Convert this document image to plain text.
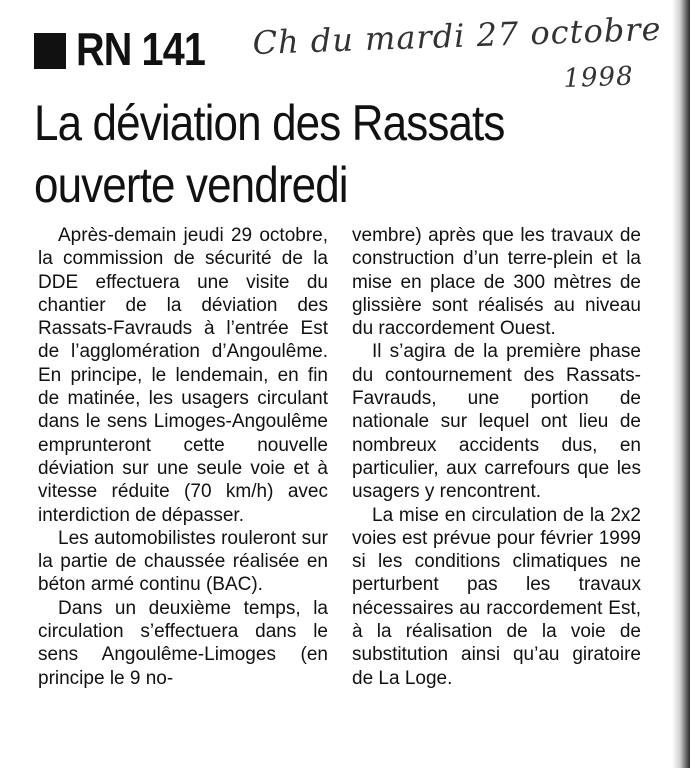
RN 141 Ch du mardi 27 octobre
1998
La déviation des Rassats
ouverte vendredi

Après-demain jeudi 29 octobre, la commission de sécurité de la DDE effectuera une visite du chantier de la déviation des Rassats-Favrauds à l’entrée Est de l’agglomération d’Angoulême. En principe, le lendemain, en fin de matinée, les usagers circulant dans le sens Limoges-Angoulême emprunteront cette nouvelle déviation sur une seule voie et à vitesse réduite (70 km/h) avec interdiction de dépasser.

Les automobilistes rouleront sur la partie de chaussée réalisée en béton armé continu (BAC).

Dans un deuxième temps, la circulation s’effectuera dans le sens Angoulême-Limoges (en principe le 9 no-

vembre) après que les travaux de construction d’un terre-plein et la mise en place de 300 mètres de glissière sont réalisés au niveau du raccordement Ouest.

Il s’agira de la première phase du contournement des Rassats-Favrauds, une portion de nationale sur lequel ont lieu de nombreux accidents dus, en particulier, aux carrefours que les usagers y rencontrent.

La mise en circulation de la 2x2 voies est prévue pour février 1999 si les conditions climatiques ne perturbent pas les travaux nécessaires au raccordement Est, à la réalisation de la voie de substitution ainsi qu’au giratoire de La Loge.
